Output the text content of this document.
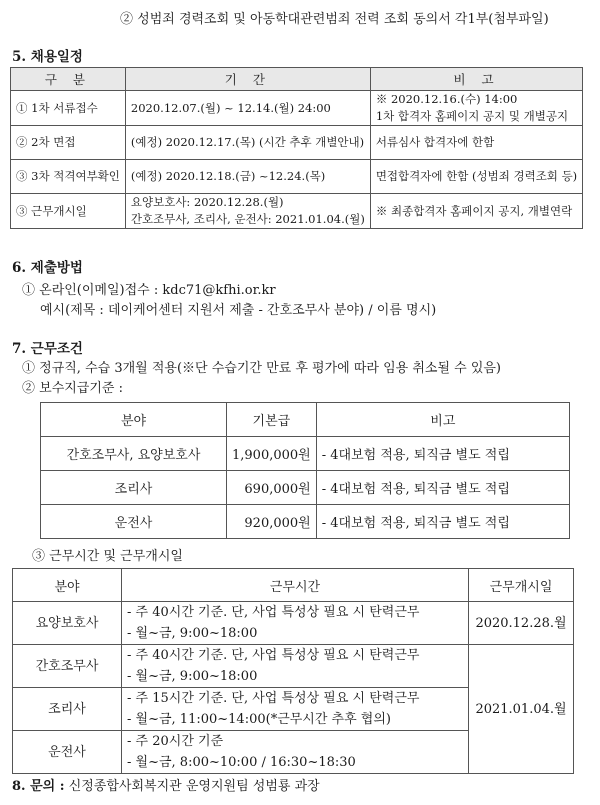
② 성범죄 경력조회 및 아동학대관련범죄 전력 조회 동의서 각1부(첨부파일)
5. 채용일정
구 분	기 간	비 고
① 1차 서류접수	2020.12.07.(월) ~ 12.14.(월) 24:00	※ 2020.12.16.(수) 14:00
1차 합격자 홈페이지 공지 및 개별공지

② 2차 면접	(예정) 2020.12.17.(목) (시간 추후 개별안내)	서류심사 합격자에 한함
③ 3차 적격여부확인	(예정) 2020.12.18.(금) ~12.24.(목)	면접합격자에 한함 (성범죄 경력조회 등)
③ 근무개시일	요양보호사: 2020.12.28.(월)
간호조무사, 조리사, 운전사: 2021.01.04.(월)	※ 최종합격자 홈페이지 공지, 개별연락
6. 제출방법
① 온라인(이메일)접수 : kdc71@kfhi.or.kr
예시(제목 : 데이케어센터 지원서 제출 - 간호조무사 분야) / 이름 명시)
7. 근무조건
① 정규직, 수습 3개월 적용(※단 수습기간 만료 후 평가에 따라 임용 취소될 수 있음)
② 보수지급기준 :
분야	기본급	비고
간호조무사, 요양보호사	1,900,000원	- 4대보험 적용, 퇴직금 별도 적립
조리사	690,000원	- 4대보험 적용, 퇴직금 별도 적립
운전사	920,000원	- 4대보험 적용, 퇴직금 별도 적립
③ 근무시간 및 근무개시일
분야	근무시간	근무개시일
요양보호사	- 주 40시간 기준. 단, 사업 특성상 필요 시 탄력근무
- 월~금, 9:00~18:00	2020.12.28.월
간호조무사	- 주 40시간 기준. 단, 사업 특성상 필요 시 탄력근무
- 월~금, 9:00~18:00	2021.01.04.월
조리사	- 주 15시간 기준. 단, 사업 특성상 필요 시 탄력근무
- 월~금, 11:00~14:00(*근무시간 추후 협의)	

운전사	- 주 20시간 기준
- 월~금, 8:00~10:00 / 16:30~18:30	
8. 문의 : 신정종합사회복지관 운영지원팀 성범룡 과장
